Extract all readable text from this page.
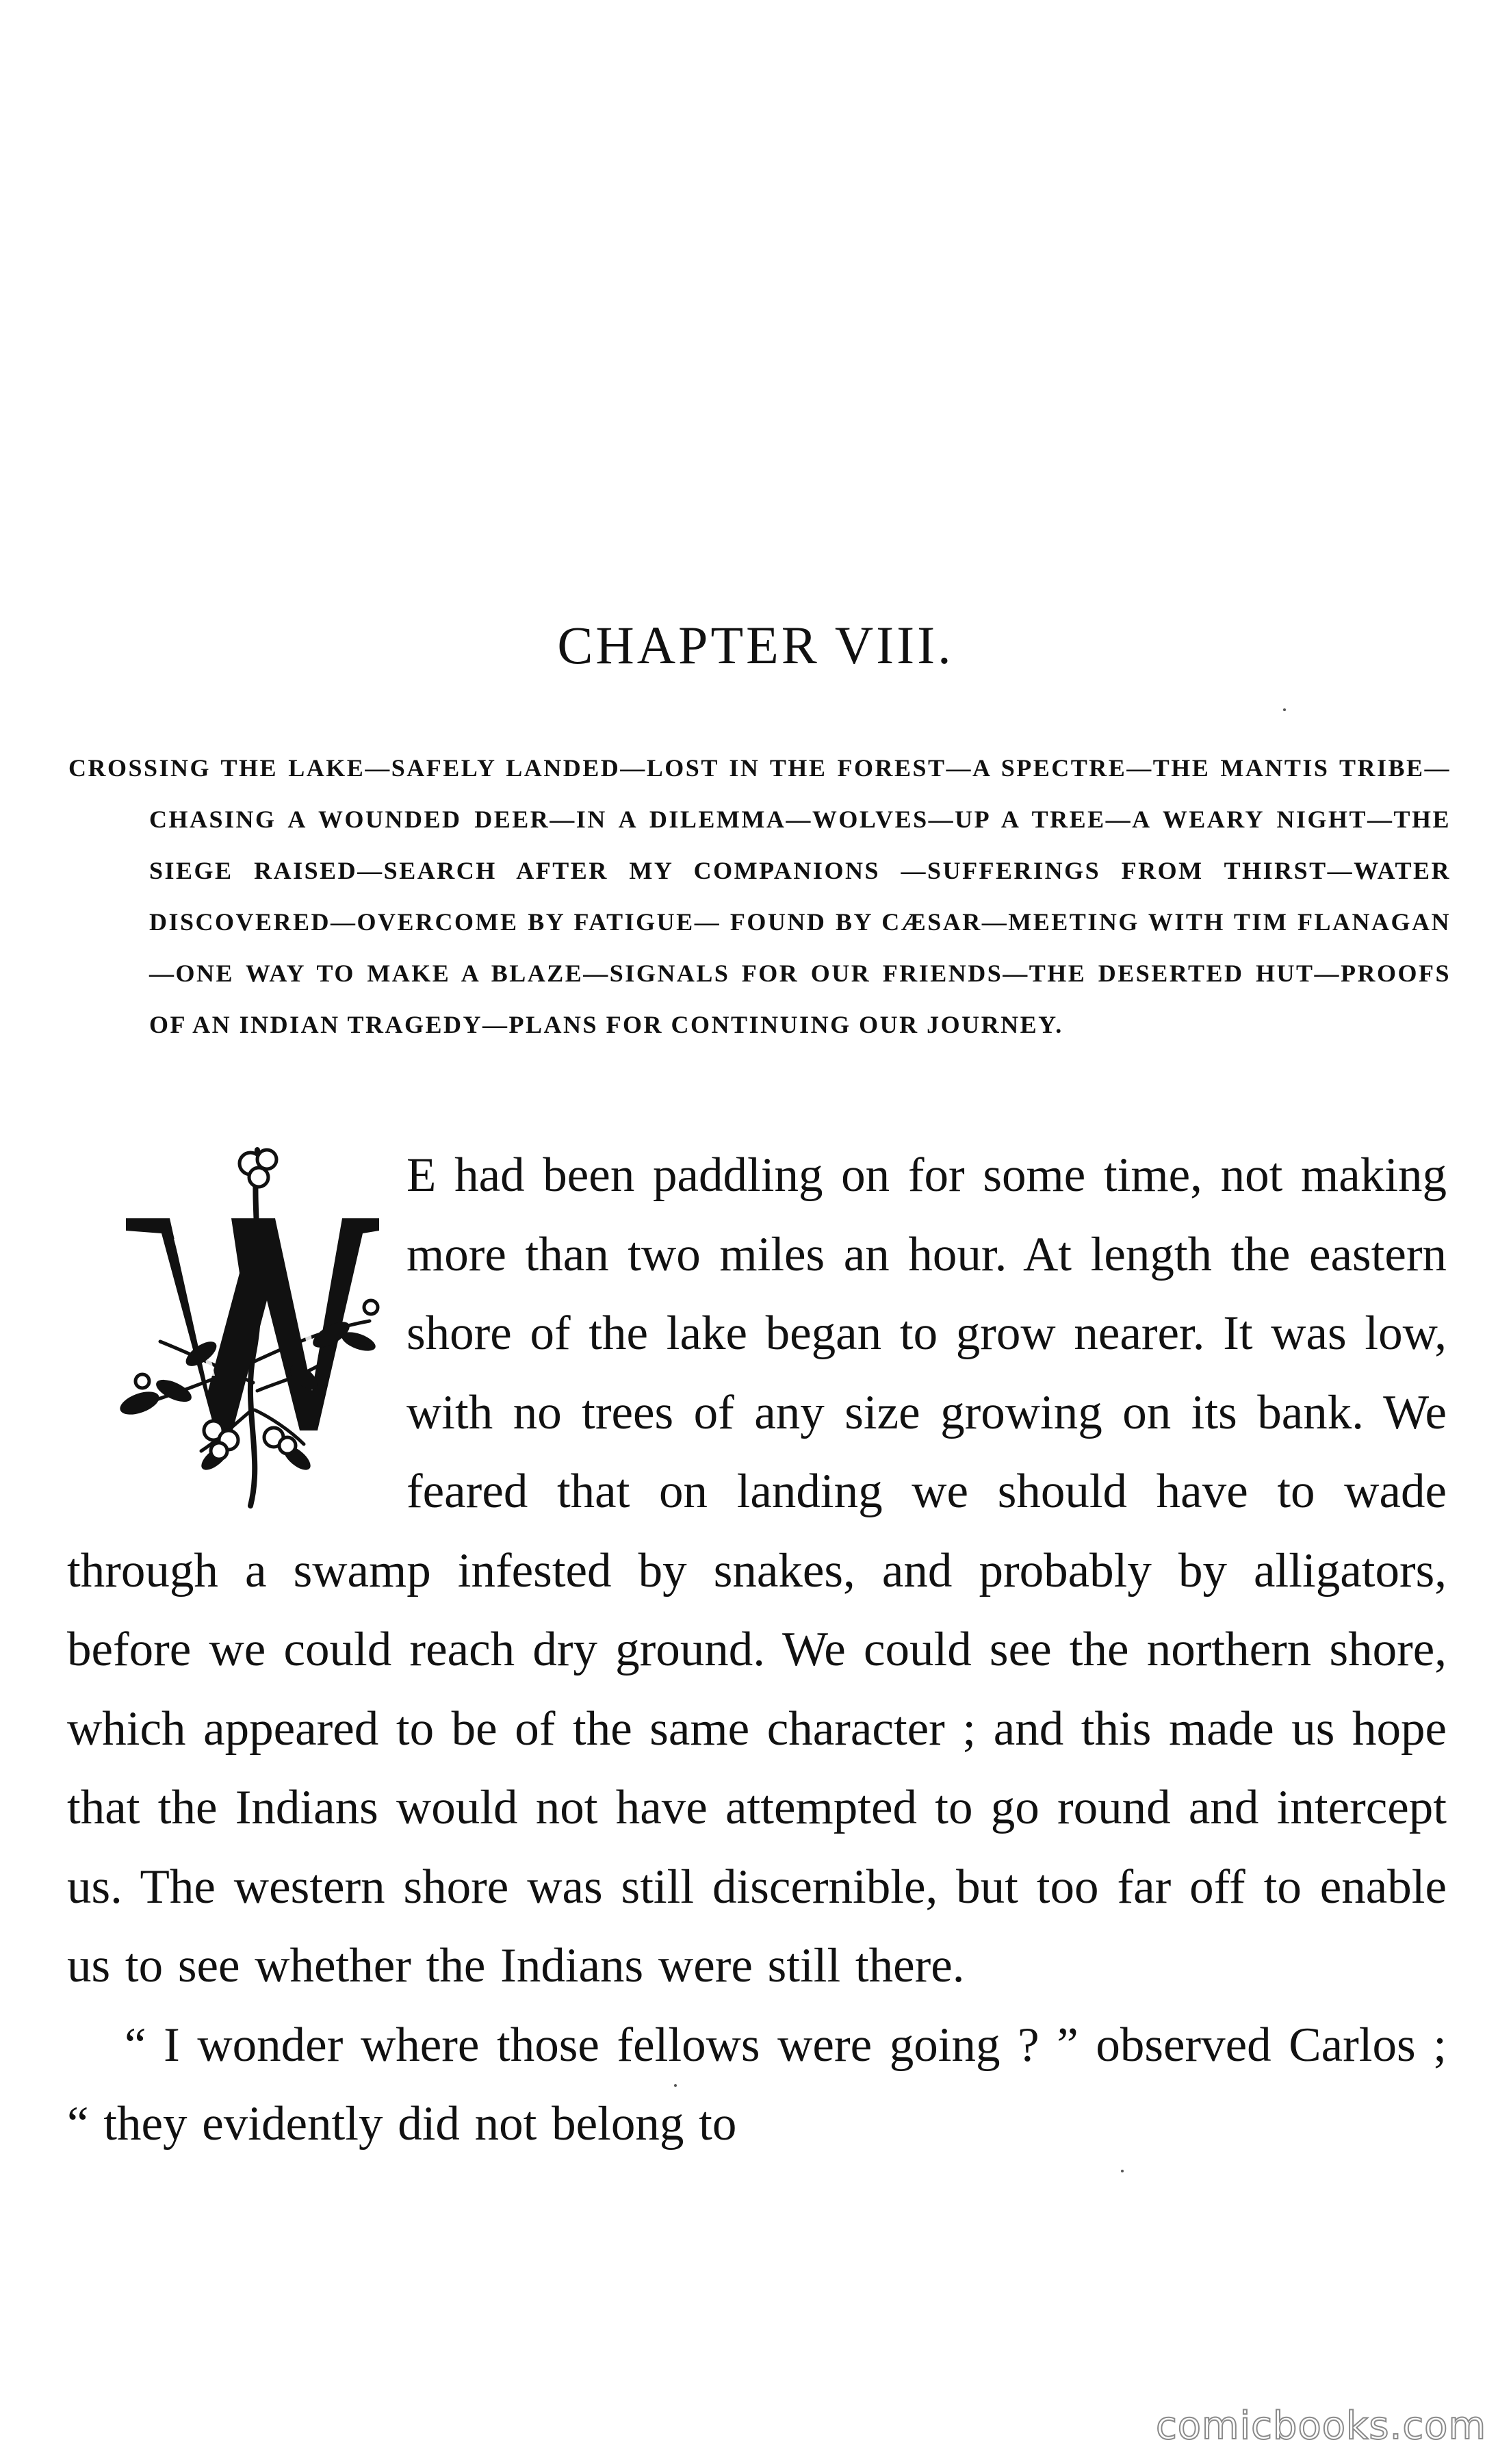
CHAPTER VIII.

CROSSING THE LAKE—SAFELY LANDED—LOST IN THE FOREST—A SPECTRE—THE MANTIS TRIBE—CHASING A WOUNDED DEER—IN A DILEMMA—WOLVES—UP A TREE—A WEARY NIGHT—THE SIEGE RAISED—SEARCH AFTER MY COMPANIONS —SUFFERINGS FROM THIRST—WATER DISCOVERED—OVERCOME BY FATIGUE— FOUND BY CÆSAR—MEETING WITH TIM FLANAGAN—ONE WAY TO MAKE A BLAZE—SIGNALS FOR OUR FRIENDS—THE DESERTED HUT—PROOFS OF AN INDIAN TRAGEDY—PLANS FOR CONTINUING OUR JOURNEY.

E had been paddling on for some time, not making more than two miles an hour. At length the eastern shore of the lake began to grow nearer. It was low, with no trees of any size growing on its bank. We feared that on landing we should have to wade through a swamp infested by snakes, and probably by alligators, before we could reach dry ground. We could see the northern shore, which appeared to be of the same character ; and this made us hope that the Indians would not have attempted to go round and intercept us. The western shore was still discernible, but too far off to enable us to see whether the Indians were still there.

“ I wonder where those fellows were going ? ” observed Carlos ; “ they evidently did not belong to

comicbooks.com
